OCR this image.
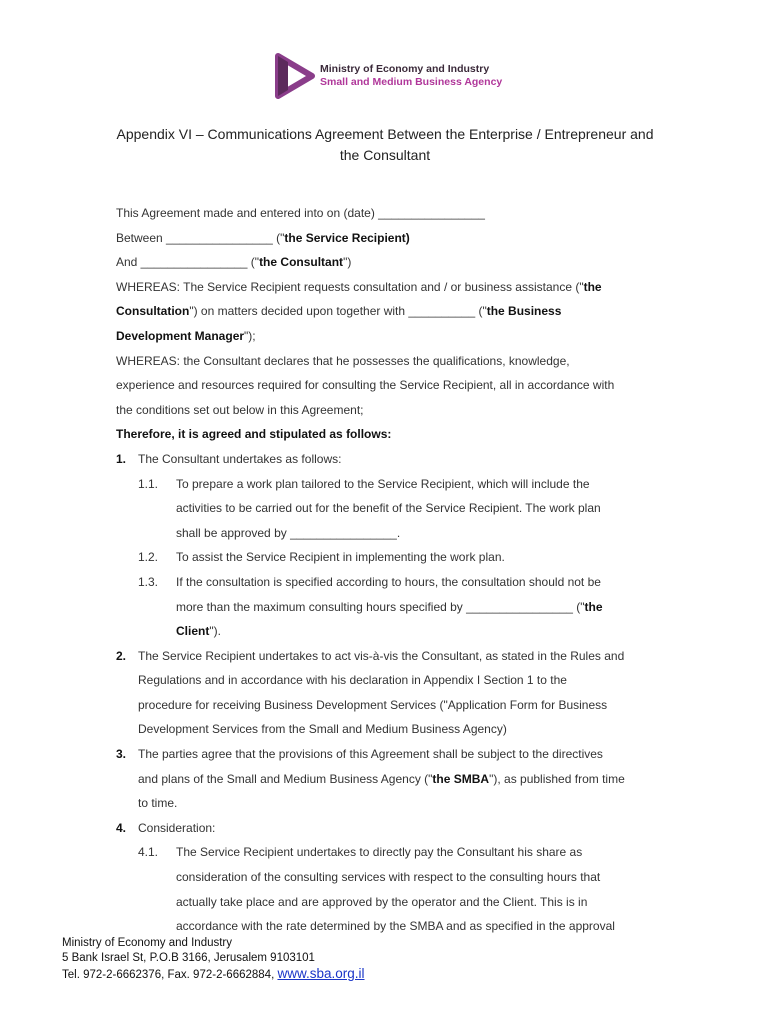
Ministry of Economy and Industry
Small and Medium Business Agency
Appendix VI – Communications Agreement Between the Enterprise / Entrepreneur and
the Consultant

This Agreement made and entered into on (date) ________________

Between ________________ ("the Service Recipient)

And ________________ ("the Consultant")

WHEREAS: The Service Recipient requests consultation and / or business assistance ("the

Consultation") on matters decided upon together with __________ ("the Business

Development Manager");

WHEREAS: the Consultant declares that he possesses the qualifications, knowledge,

experience and resources required for consulting the Service Recipient, all in accordance with

the conditions set out below in this Agreement;

Therefore, it is agreed and stipulated as follows:

1. The Consultant undertakes as follows:
1.1.	To prepare a work plan tailored to the Service Recipient, which will include the
activities to be carried out for the benefit of the Service Recipient. The work plan
shall be approved by ________________.
1.2.	To assist the Service Recipient in implementing the work plan.
1.3.	If the consultation is specified according to hours, the consultation should not be
more than the maximum consulting hours specified by ________________ ("the
Client").
2. The Service Recipient undertakes to act vis-à-vis the Consultant, as stated in the Rules and
Regulations and in accordance with his declaration in Appendix I Section 1 to the
procedure for receiving Business Development Services ("Application Form for Business
Development Services from the Small and Medium Business Agency)
3. The parties agree that the provisions of this Agreement shall be subject to the directives
and plans of the Small and Medium Business Agency ("the SMBA"), as published from time
to time.
4. Consideration:
4.1.	The Service Recipient undertakes to directly pay the Consultant his share as
consideration of the consulting services with respect to the consulting hours that
actually take place and are approved by the operator and the Client. This is in
accordance with the rate determined by the SMBA and as specified in the approval
Ministry of Economy and Industry
5 Bank Israel St, P.O.B 3166, Jerusalem 9103101
Tel. 972-2-6662376, Fax. 972-2-6662884, www.sba.org.il
